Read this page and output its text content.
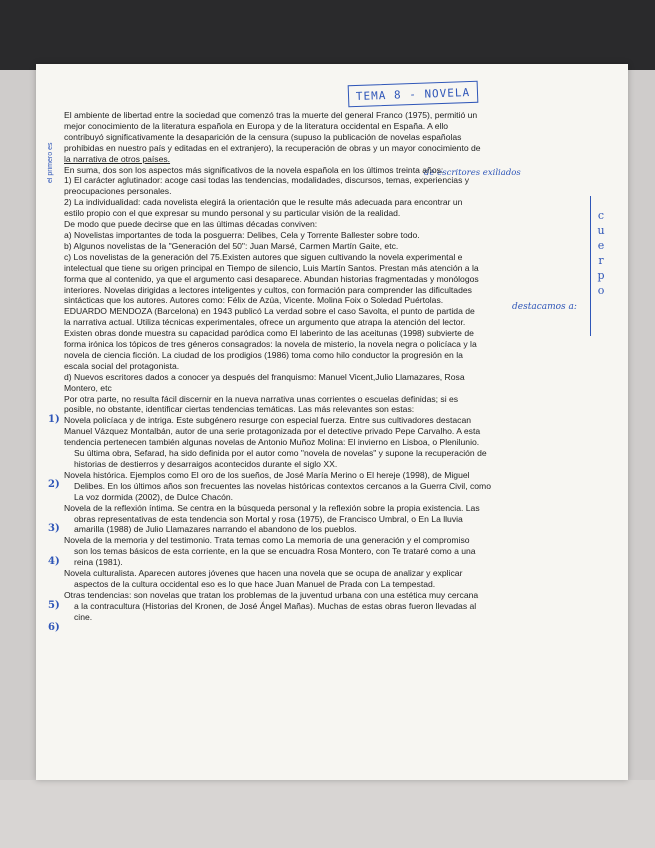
TEMA 8 - NOVELA
el primero es
c
u
e
r
p
o
de escritores exiliados
destacamos a:
1)
2)
3)
4)
5)
6)
El ambiente de libertad entre la sociedad que comenzó tras la muerte del general Franco (1975), permitió un
mejor conocimiento de la literatura española en Europa y de la literatura occidental en España. A ello
contribuyó significativamente la desaparición de la censura (supuso la publicación de novelas españolas
prohibidas en nuestro país y editadas en el extranjero), la recuperación de obras y un mayor conocimiento de
la narrativa de otros países.
En suma, dos son los aspectos más significativos de la novela española en los últimos treinta años:
1) El carácter aglutinador: acoge casi todas las tendencias, modalidades, discursos, temas, experiencias y
preocupaciones personales.
2) La individualidad: cada novelista elegirá la orientación que le resulte más adecuada para encontrar un
estilo propio con el que expresar su mundo personal y su particular visión de la realidad.
De modo que puede decirse que en las últimas décadas conviven:
a) Novelistas importantes de toda la posguerra: Delibes, Cela y Torrente Ballester sobre todo.
b) Algunos novelistas de la "Generación del 50": Juan Marsé, Carmen Martín Gaite, etc.
c) Los novelistas de la generación del 75.Existen autores que siguen cultivando la novela experimental e
intelectual que tiene su origen principal en Tiempo de silencio, Luis Martín Santos. Prestan más atención a la
forma que al contenido, ya que el argumento casi desaparece. Abundan historias fragmentadas y monólogos
interiores. Novelas dirigidas a lectores inteligentes y cultos, con formación para comprender las dificultades
sintácticas que los autores. Autores como: Félix de Azúa, Vicente. Molina Foix o Soledad Puértolas.
EDUARDO MENDOZA (Barcelona) en 1943 publicó La verdad sobre el caso Savolta, el punto de partida de
la narrativa actual. Utiliza técnicas experimentales, ofrece un argumento que atrapa la atención del lector.
Existen obras donde muestra su capacidad paródica como El laberinto de las aceitunas (1998) subvierte de
forma irónica los tópicos de tres géneros consagrados: la novela de misterio, la novela negra o policíaca y la
novela de ciencia ficción. La ciudad de los prodigios (1986) toma como hilo conductor la progresión en la
escala social del protagonista.
d) Nuevos escritores dados a conocer ya después del franquismo: Manuel Vicent,Julio Llamazares, Rosa
Montero, etc
Por otra parte, no resulta fácil discernir en la nueva narrativa unas corrientes o escuelas definidas; si es
posible, no obstante, identificar ciertas tendencias temáticas. Las más relevantes son estas:
Novela policíaca y de intriga. Este subgénero resurge con especial fuerza. Entre sus cultivadores destacan
Manuel Vázquez Montalbán, autor de una serie protagonizada por el detective privado Pepe Carvalho. A esta
tendencia pertenecen también algunas novelas de Antonio Muñoz Molina: El invierno en Lisboa, o Plenilunio.
Su última obra, Sefarad, ha sido definida por el autor como "novela de novelas" y supone la recuperación de
historias de destierros y desarraigos acontecidos durante el siglo XX.
Novela histórica. Ejemplos como El oro de los sueños, de José María Merino o El hereje (1998), de Miguel
Delibes. En los últimos años son frecuentes las novelas históricas contextos cercanos a la Guerra Civil, como
La voz dormida (2002), de Dulce Chacón.
Novela de la reflexión íntima. Se centra en la búsqueda personal y la reflexión sobre la propia existencia. Las
obras representativas de esta tendencia son Mortal y rosa (1975), de Francisco Umbral, o En La lluvia
amarilla (1988) de Julio Llamazares narrando el abandono de los pueblos.
Novela de la memoria y del testimonio. Trata temas como La memoria de una generación y el compromiso
son los temas básicos de esta corriente, en la que se encuadra Rosa Montero, con Te trataré como a una
reina (1981).
Novela culturalista. Aparecen autores jóvenes que hacen una novela que se ocupa de analizar y explicar
aspectos de la cultura occidental eso es lo que hace Juan Manuel de Prada con La tempestad.
Otras tendencias: son novelas que tratan los problemas de la juventud urbana con una estética muy cercana
a la contracultura (Historias del Kronen, de José Ángel Mañas). Muchas de estas obras fueron llevadas al
cine.
